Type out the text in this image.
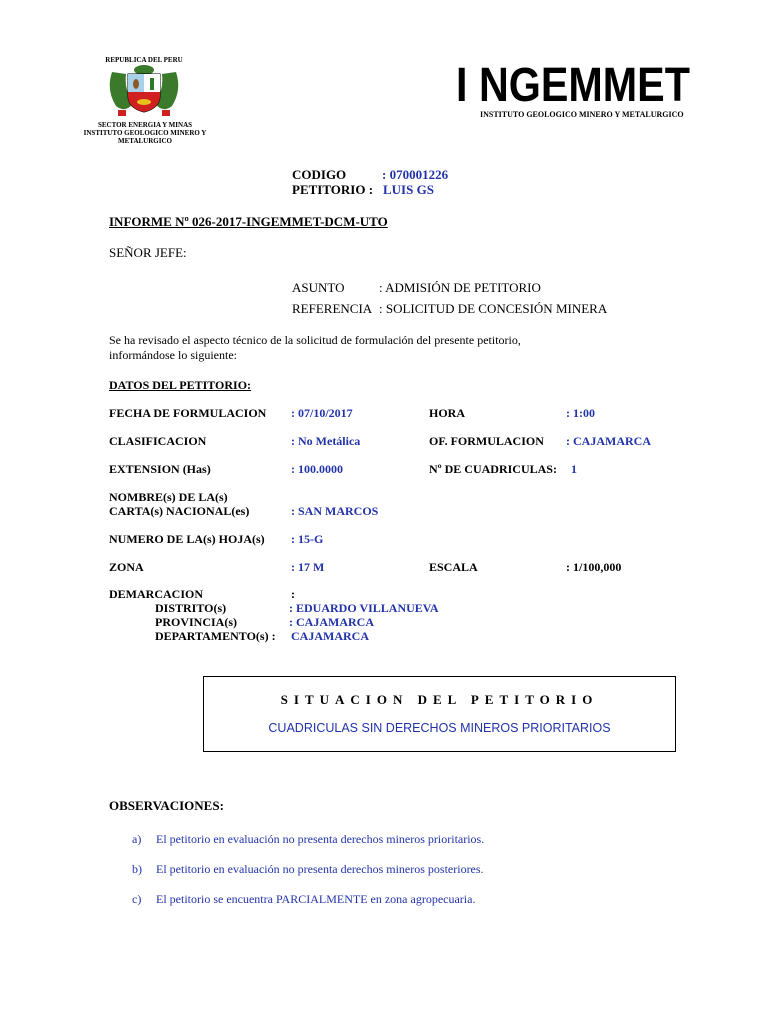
REPUBLICA DEL PERU
SECTOR ENERGIA Y MINAS
INSTITUTO GEOLOGICO MINERO Y
METALURGICO
I NGEMMET
INSTITUTO GEOLOGICO MINERO Y METALURGICO
CODIGO	: 070001226
PETITORIO : LUIS GS
INFORME Nº 026-2017-INGEMMET-DCM-UTO
SEÑOR JEFE:
ASUNTO	: ADMISIÓN DE PETITORIO
REFERENCIA : SOLICITUD DE CONCESIÓN MINERA
Se ha revisado el aspecto técnico de la solicitud de formulación del presente petitorio,
informándose lo siguiente:
DATOS DEL PETITORIO:
FECHA DE FORMULACION : 07/10/2017	HORA	: 1:00
CLASIFICACION	: No Metálica	OF. FORMULACION : CAJAMARCA
EXTENSION (Has)	: 100.0000	Nº DE CUADRICULAS: 1
NOMBRE(s) DE LA(s)
CARTA(s) NACIONAL(es)	: SAN MARCOS
NUMERO DE LA(s) HOJA(s) : 15-G
ZONA	: 17 M	ESCALA	: 1/100,000
DEMARCACION	:
DISTRITO(s)	: EDUARDO VILLANUEVA
PROVINCIA(s)	: CAJAMARCA
DEPARTAMENTO(s) : CAJAMARCA
SITUACION DEL PETITORIO
CUADRICULAS SIN DERECHOS MINEROS PRIORITARIOS
OBSERVACIONES:
a) El petitorio en evaluación no presenta derechos mineros prioritarios.
b) El petitorio en evaluación no presenta derechos mineros posteriores.
c) El petitorio se encuentra PARCIALMENTE en zona agropecuaria.
